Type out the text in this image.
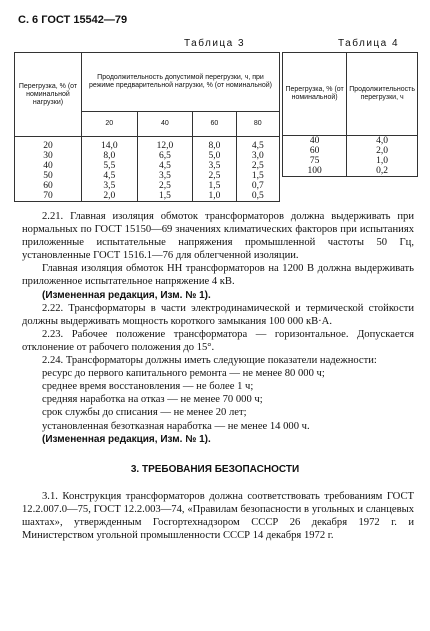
С. 6 ГОСТ 15542—79
Таблица 3	Таблица 4
Перегрузка, % (от номинальной нагрузки)	Продолжительность допустимой перегрузки, ч, при режиме предварительной нагрузки, % (от номинальной)			
	20	40	60	80

20	14,0	12,0	8,0	4,5
30	8,0	6,5	5,0	3,0
40	5,5	4,5	3,5	2,5
50	4,5	3,5	2,5	1,5
60	3,5	2,5	1,5	0,7
70	2,0	1,5	1,0	0,5
Перегрузка, % (от номинальной)	Продолжительность перегрузки, ч
40	4,0
60	2,0
75	1,0
100	0,2

2.21. Главная изоляция обмоток трансформаторов должна выдерживать при нормальных по ГОСТ 15150—69 значениях климатических факторов при испытаниях приложенные испытательные напряжения промышленной частоты 50 Гц, установленные ГОСТ 1516.1—76 для облегченной изоляции.

Главная изоляция обмоток НН трансформаторов на 1200 В должна выдерживать приложенное испытательное напряжение 4 кВ.

(Измененная редакция, Изм. № 1).

2.22. Трансформаторы в части электродинамической и термической стойкости должны выдерживать мощность короткого замыкания 100 000 кВ·А.

2.23. Рабочее положение трансформатора — горизонтальное. Допускается отклонение от рабочего положения до 15°.

2.24. Трансформаторы должны иметь следующие показатели надежности:

ресурс до первого капитального ремонта — не менее 80 000 ч;

среднее время восстановления — не более 1 ч;

средняя наработка на отказ — не менее 70 000 ч;

срок службы до списания — не менее 20 лет;

установленная безотказная наработка — не менее 14 000 ч.

(Измененная редакция, Изм. № 1).

3. ТРЕБОВАНИЯ БЕЗОПАСНОСТИ

3.1. Конструкция трансформаторов должна соответствовать требованиям ГОСТ 12.2.007.0—75, ГОСТ 12.2.003—74, «Правилам безопасности в угольных и сланцевых шахтах», утвержденным Госгортехнадзором СССР 26 декабря 1972 г. и Министерством угольной промышленности СССР 14 декабря 1972 г.
